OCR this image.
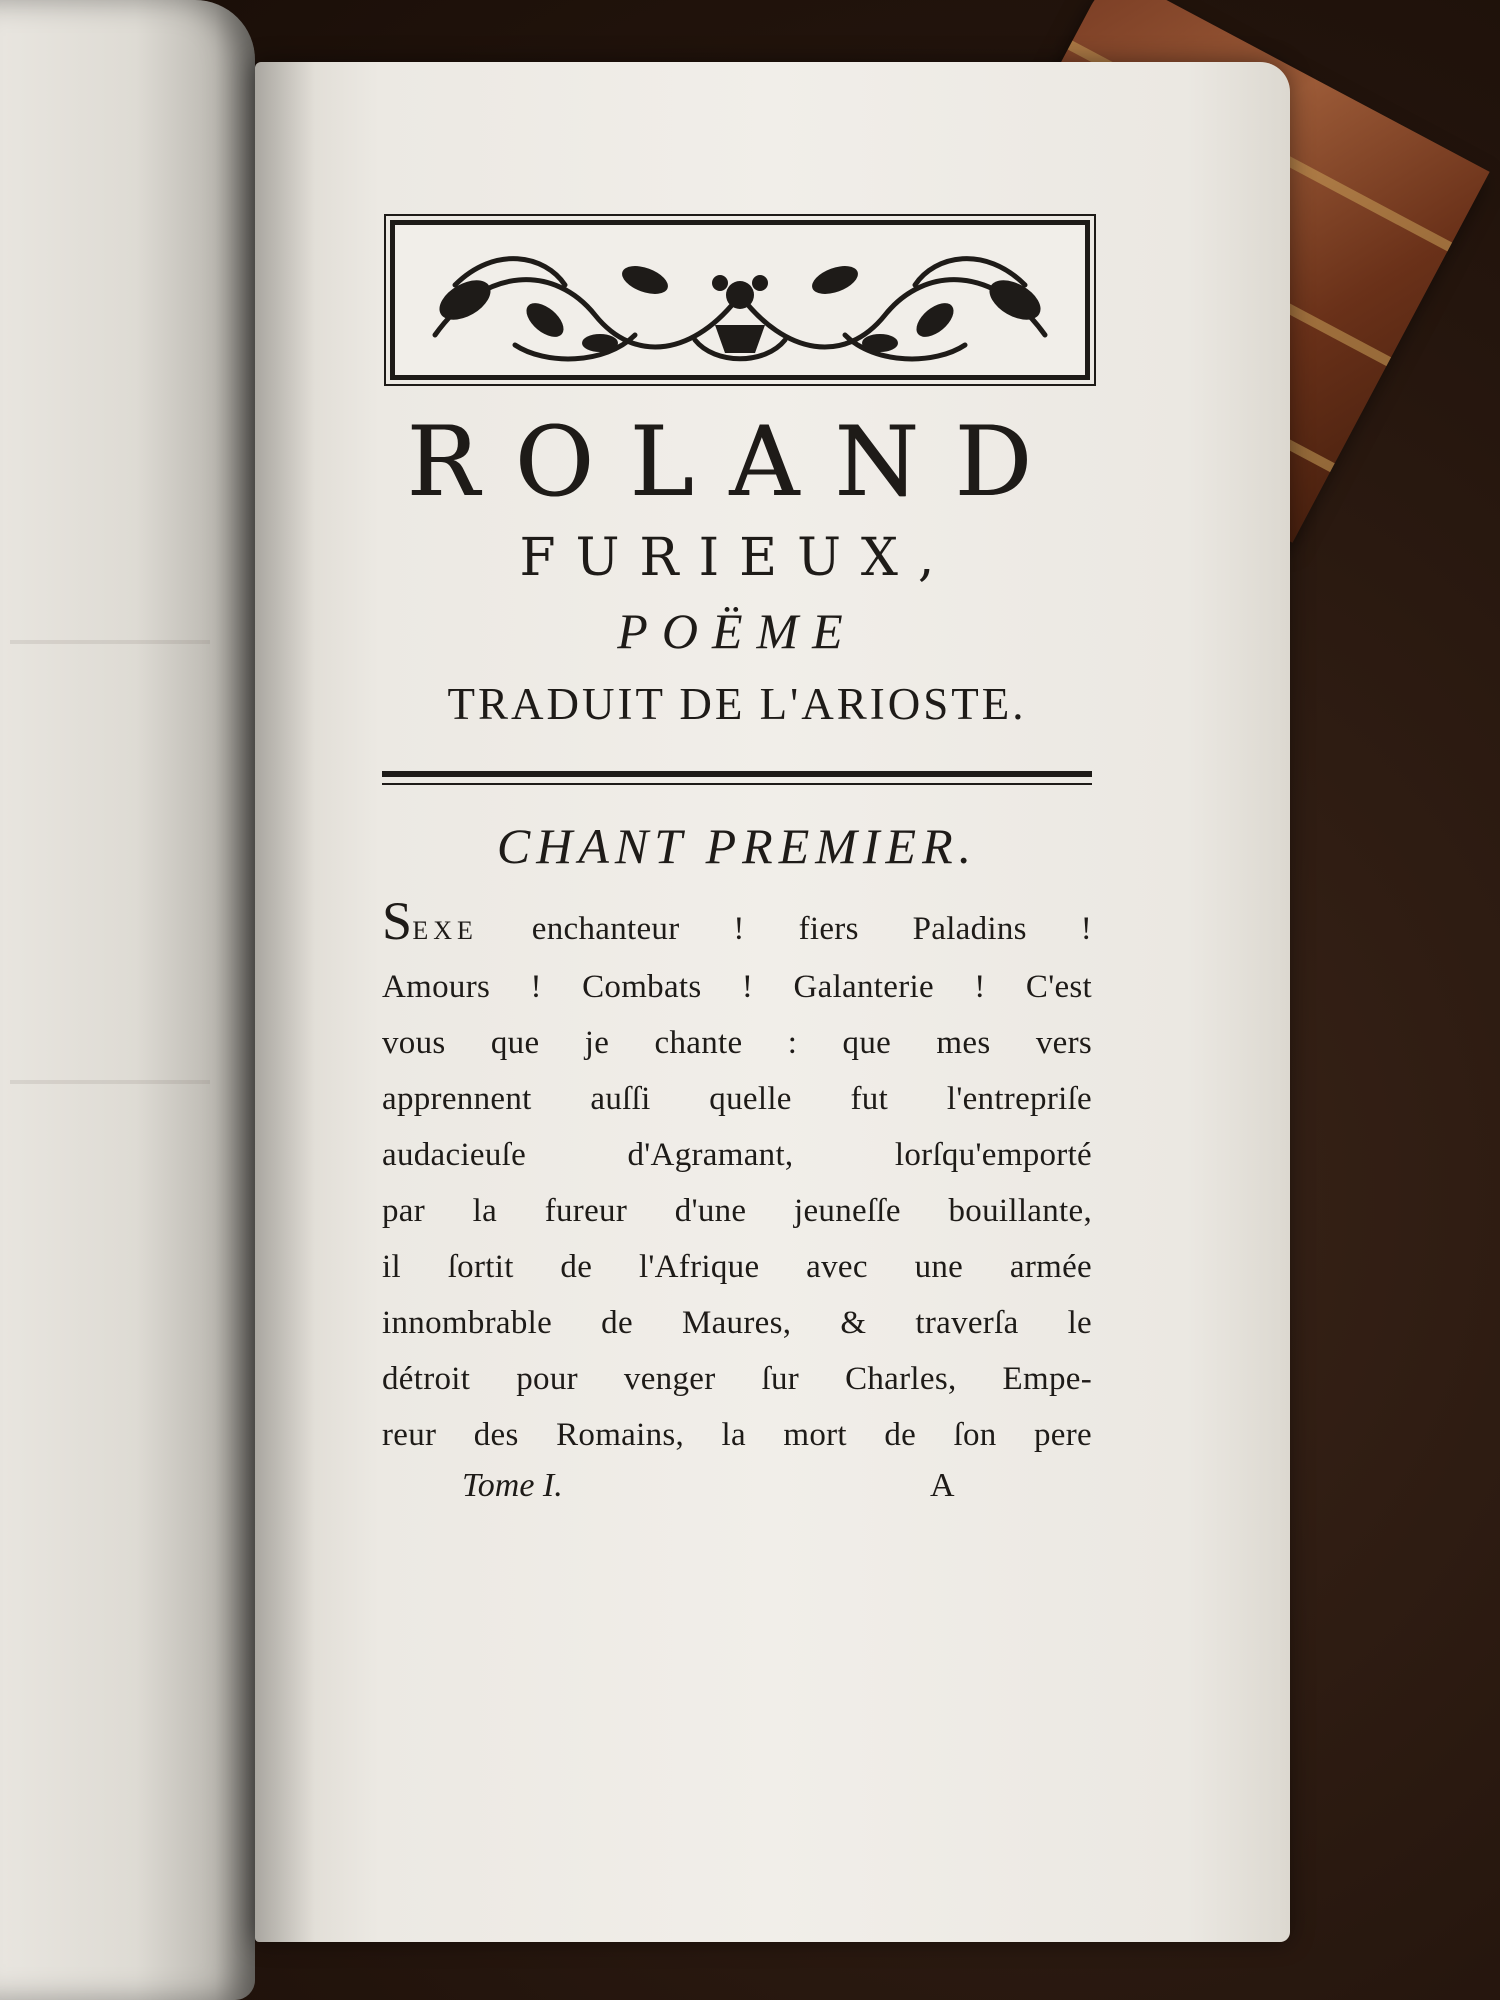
ROLAND
FURIEUX,
POËME
TRADUIT DE L'ARIOSTE.
CHANT PREMIER.
SEXE enchanteur ! fiers Paladins !
Amours ! Combats ! Galanterie ! C'est
vous que je chante : que mes vers
apprennent auſſi quelle fut l'entrepriſe
audacieuſe d'Agramant, lorſqu'emporté
par la fureur d'une jeuneſſe bouillante,
il ſortit de l'Afrique avec une armée
innombrable de Maures, & traverſa le
détroit pour venger ſur Charles, Empe-
reur des Romains, la mort de ſon pere
Tome I.	A
